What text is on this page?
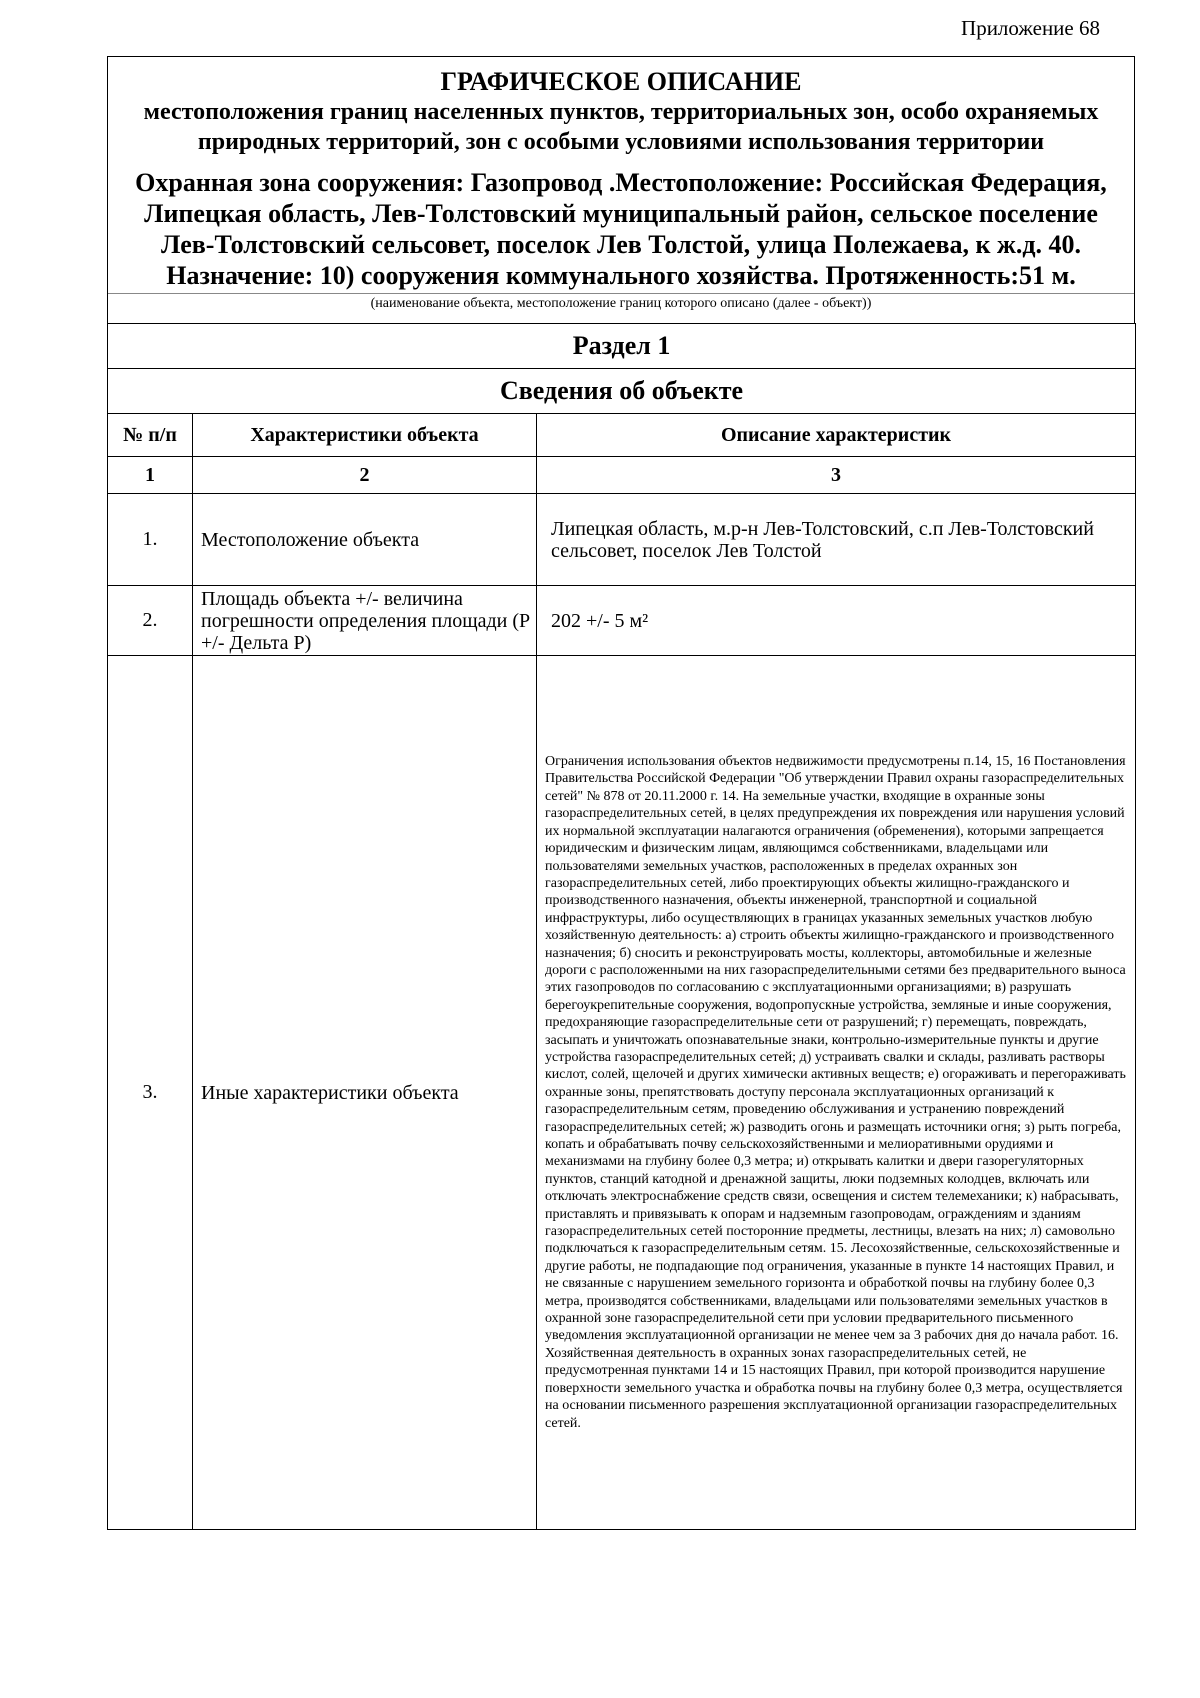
Приложение 68
ГРАФИЧЕСКОЕ ОПИСАНИЕ
местоположения границ населенных пунктов, территориальных зон, особо охраняемых природных территорий, зон с особыми условиями использования территории
Охранная зона сооружения: Газопровод .Местоположение: Российская Федерация, Липецкая область, Лев-Толстовский муниципальный район, сельское поселение Лев-Толстовский сельсовет, поселок Лев Толстой, улица Полежаева, к ж.д. 40. Назначение: 10) сооружения коммунального хозяйства. Протяженность:51 м.
(наименование объекта, местоположение границ которого описано (далее - объект))
Раздел 1		
Сведения об объекте		
№ п/п	Характеристики объекта	Описание характеристик
1	2	3
1.	Местоположение объекта	Липецкая область, м.р-н Лев-Толстовский, с.п Лев-Толстовский сельсовет, поселок Лев Толстой
2.	Площадь объекта +/- величина погрешности определения площади (P +/- Дельта P)	202 +/- 5 м²
3.	Иные характеристики объекта	Ограничения использования объектов недвижимости предусмотрены п.14, 15, 16 Постановления Правительства Российской Федерации "Об утверждении Правил охраны газораспределительных сетей" № 878 от 20.11.2000 г. 14. На земельные участки, входящие в охранные зоны газораспределительных сетей, в целях предупреждения их повреждения или нарушения условий их нормальной эксплуатации налагаются ограничения (обременения), которыми запрещается юридическим и физическим лицам, являющимся собственниками, владельцами или пользователями земельных участков, расположенных в пределах охранных зон газораспределительных сетей, либо проектирующих объекты жилищно-гражданского и производственного назначения, объекты инженерной, транспортной и социальной инфраструктуры, либо осуществляющих в границах указанных земельных участков любую хозяйственную деятельность: а) строить объекты жилищно-гражданского и производственного назначения; б) сносить и реконструировать мосты, коллекторы, автомобильные и железные дороги с расположенными на них газораспределительными сетями без предварительного выноса этих газопроводов по согласованию с эксплуатационными организациями; в) разрушать берегоукрепительные сооружения, водопропускные устройства, земляные и иные сооружения, предохраняющие газораспределительные сети от разрушений; г) перемещать, повреждать, засыпать и уничтожать опознавательные знаки, контрольно-измерительные пункты и другие устройства газораспределительных сетей; д) устраивать свалки и склады, разливать растворы кислот, солей, щелочей и других химически активных веществ; е) огораживать и перегораживать охранные зоны, препятствовать доступу персонала эксплуатационных организаций к газораспределительным сетям, проведению обслуживания и устранению повреждений газораспределительных сетей; ж) разводить огонь и размещать источники огня; з) рыть погреба, копать и обрабатывать почву сельскохозяйственными и мелиоративными орудиями и механизмами на глубину более 0,3 метра; и) открывать калитки и двери газорегуляторных пунктов, станций катодной и дренажной защиты, люки подземных колодцев, включать или отключать электроснабжение средств связи, освещения и систем телемеханики; к) набрасывать, приставлять и привязывать к опорам и надземным газопроводам, ограждениям и зданиям газораспределительных сетей посторонние предметы, лестницы, влезать на них; л) самовольно подключаться к газораспределительным сетям. 15. Лесохозяйственные, сельскохозяйственные и другие работы, не подпадающие под ограничения, указанные в пункте 14 настоящих Правил, и не связанные с нарушением земельного горизонта и обработкой почвы на глубину более 0,3 метра, производятся собственниками, владельцами или пользователями земельных участков в охранной зоне газораспределительной сети при условии предварительного письменного уведомления эксплуатационной организации не менее чем за 3 рабочих дня до начала работ. 16. Хозяйственная деятельность в охранных зонах газораспределительных сетей, не предусмотренная пунктами 14 и 15 настоящих Правил, при которой производится нарушение поверхности земельного участка и обработка почвы на глубину более 0,3 метра, осуществляется на основании письменного разрешения эксплуатационной организации газораспределительных сетей.
